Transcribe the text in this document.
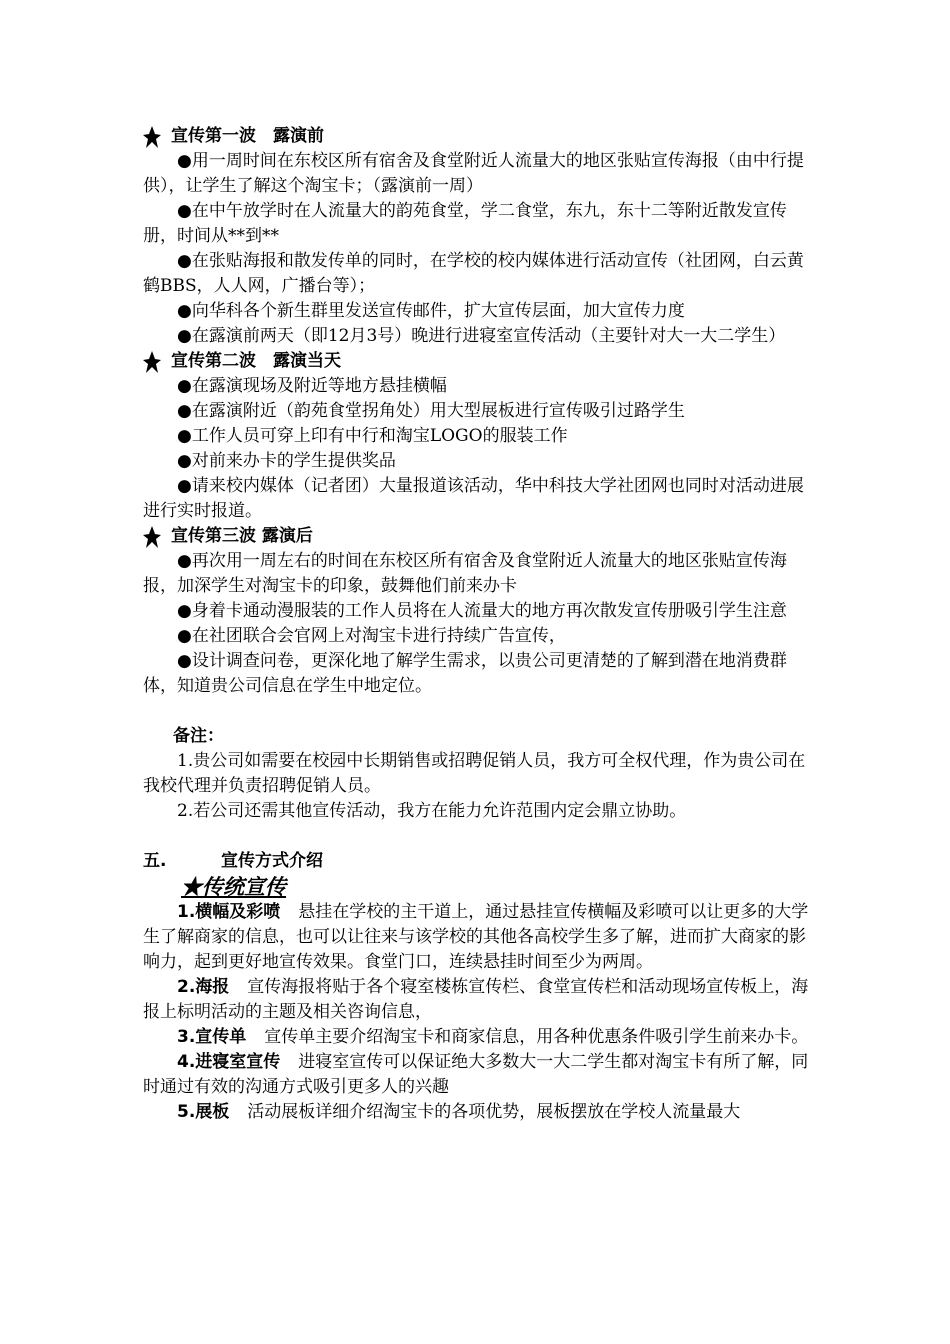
宣传第一波　露演前

●用一周时间在东校区所有宿舍及食堂附近人流量大的地区张贴宣传海报（由中行提供），让学生了解这个淘宝卡；（露演前一周）

●在中午放学时在人流量大的韵苑食堂，学二食堂，东九，东十二等附近散发宣传册，时间从**到**

●在张贴海报和散发传单的同时，在学校的校内媒体进行活动宣传（社团网，白云黄鹤BBS，人人网，广播台等）；

●向华科各个新生群里发送宣传邮件，扩大宣传层面，加大宣传力度

●在露演前两天（即12月3号）晚进行进寝室宣传活动（主要针对大一大二学生）

宣传第二波　露演当天

●在露演现场及附近等地方悬挂横幅

●在露演附近（韵苑食堂拐角处）用大型展板进行宣传吸引过路学生

●工作人员可穿上印有中行和淘宝LOGO的服装工作

●对前来办卡的学生提供奖品

●请来校内媒体（记者团）大量报道该活动，华中科技大学社团网也同时对活动进展进行实时报道。

宣传第三波 露演后

●再次用一周左右的时间在东校区所有宿舍及食堂附近人流量大的地区张贴宣传海报，加深学生对淘宝卡的印象，鼓舞他们前来办卡

●身着卡通动漫服装的工作人员将在人流量大的地方再次散发宣传册吸引学生注意

●在社团联合会官网上对淘宝卡进行持续广告宣传，

●设计调查问卷，更深化地了解学生需求，以贵公司更清楚的了解到潜在地消费群体，知道贵公司信息在学生中地定位。

备注：

1.贵公司如需要在校园中长期销售或招聘促销人员，我方可全权代理，作为贵公司在我校代理并负责招聘促销人员。

2.若公司还需其他宣传活动，我方在能力允许范围内定会鼎立协助。

五.	宣传方式介绍

★传统宣传

1.横幅及彩喷 悬挂在学校的主干道上，通过悬挂宣传横幅及彩喷可以让更多的大学生了解商家的信息，也可以让往来与该学校的其他各高校学生多了解，进而扩大商家的影响力，起到更好地宣传效果。食堂门口，连续悬挂时间至少为两周。

2.海报 宣传海报将贴于各个寝室楼栋宣传栏、食堂宣传栏和活动现场宣传板上，海报上标明活动的主题及相关咨询信息，

3.宣传单 宣传单主要介绍淘宝卡和商家信息，用各种优惠条件吸引学生前来办卡。

4.进寝室宣传 进寝室宣传可以保证绝大多数大一大二学生都对淘宝卡有所了解，同时通过有效的沟通方式吸引更多人的兴趣

5.展板 活动展板详细介绍淘宝卡的各项优势，展板摆放在学校人流量最大
